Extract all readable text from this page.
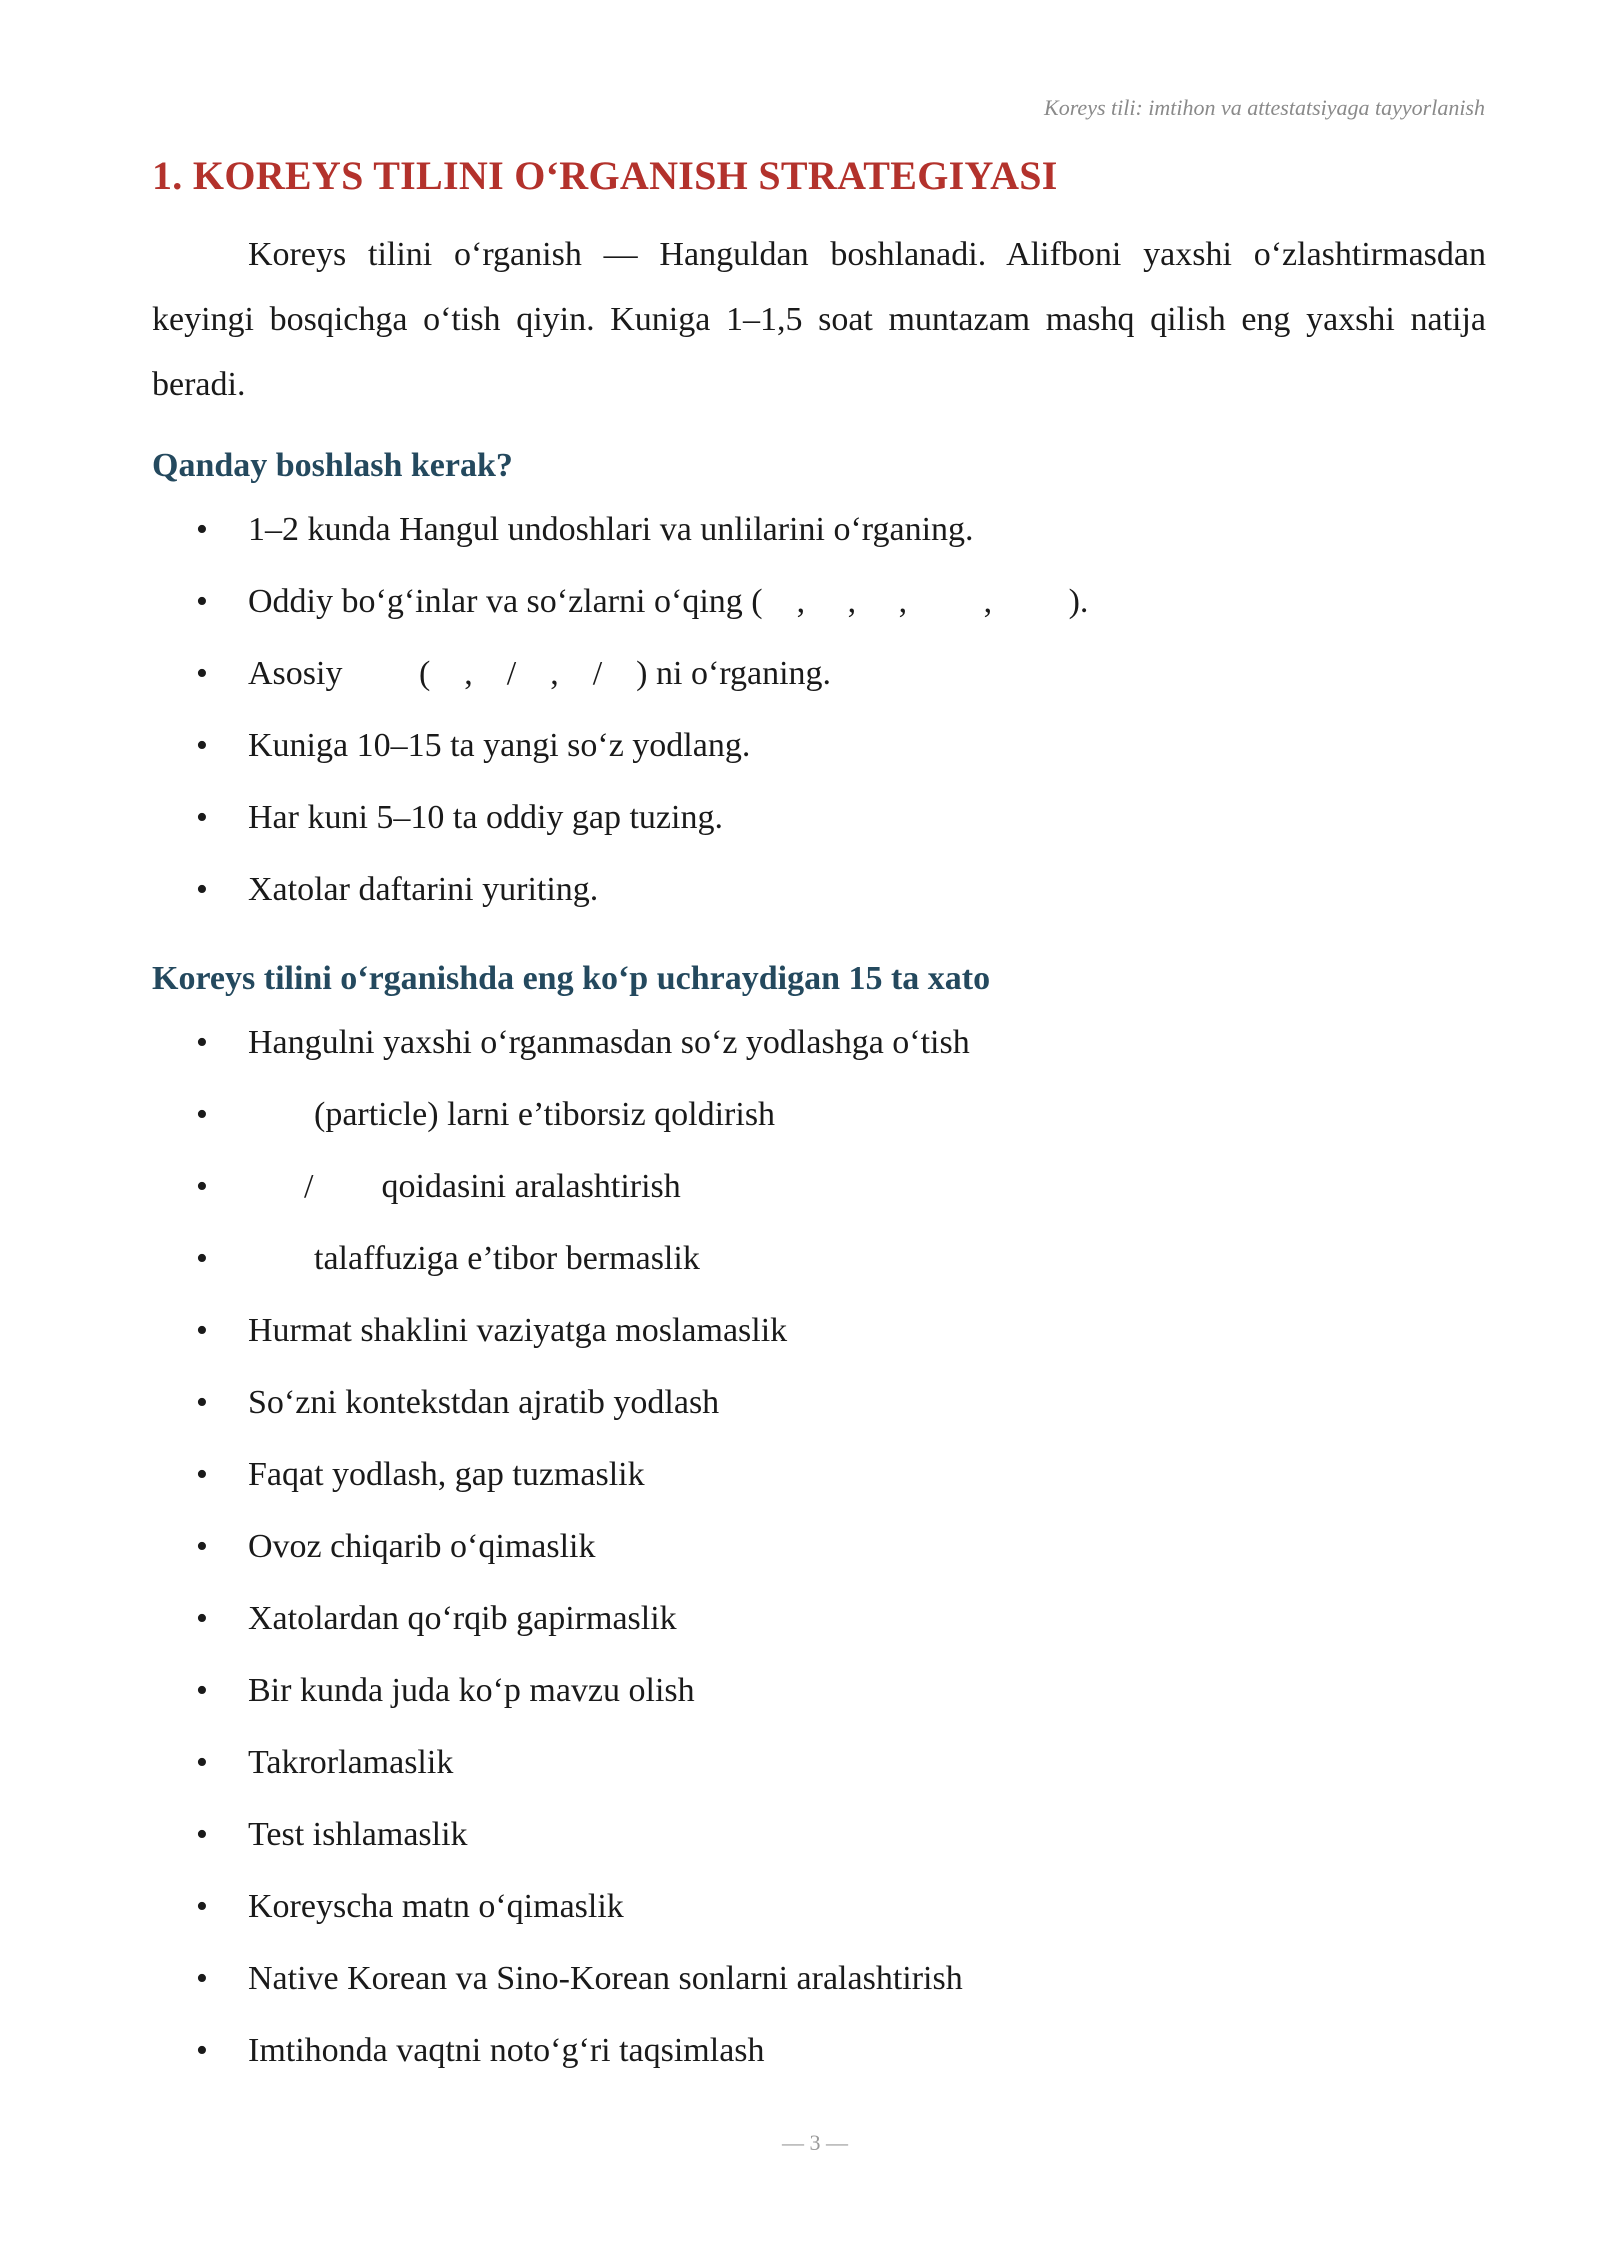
Koreys tili: imtihon va attestatsiyaga tayyorlanish
1. KOREYS TILINI O‘RGANISH STRATEGIYASI

Koreys tilini o‘rganish — Hanguldan boshlanadi. Alifboni yaxshi o‘zlashtirmasdan keyingi bosqichga o‘tish qiyin. Kuniga 1–1,5 soat muntazam mashq qilish eng yaxshi natija beradi.

Qanday boshlash kerak?
• 1–2 kunda Hangul undoshlari va unlilarini o‘rganing.
• Oddiy bo‘g‘inlar va so‘zlarni o‘qing (    ,     ,     ,         ,         ).
• Asosiy         (    ,    /    ,    /    ) ni o‘rganing.
• Kuniga 10–15 ta yangi so‘z yodlang.
• Har kuni 5–10 ta oddiy gap tuzing.
• Xatolar daftarini yuriting.
Koreys tilini o‘rganishda eng ko‘p uchraydigan 15 ta xato
• Hangulni yaxshi o‘rganmasdan so‘z yodlashga o‘tish
•	(particle) larni e’tiborsiz qoldirish
•	/        qoidasini aralashtirish
•	talaffuziga e’tibor bermaslik
• Hurmat shaklini vaziyatga moslamaslik
• So‘zni kontekstdan ajratib yodlash
• Faqat yodlash, gap tuzmaslik
• Ovoz chiqarib o‘qimaslik
• Xatolardan qo‘rqib gapirmaslik
• Bir kunda juda ko‘p mavzu olish
• Takrorlamaslik
• Test ishlamaslik
• Koreyscha matn o‘qimaslik
• Native Korean va Sino-Korean sonlarni aralashtirish
• Imtihonda vaqtni noto‘g‘ri taqsimlash
— 3 —
